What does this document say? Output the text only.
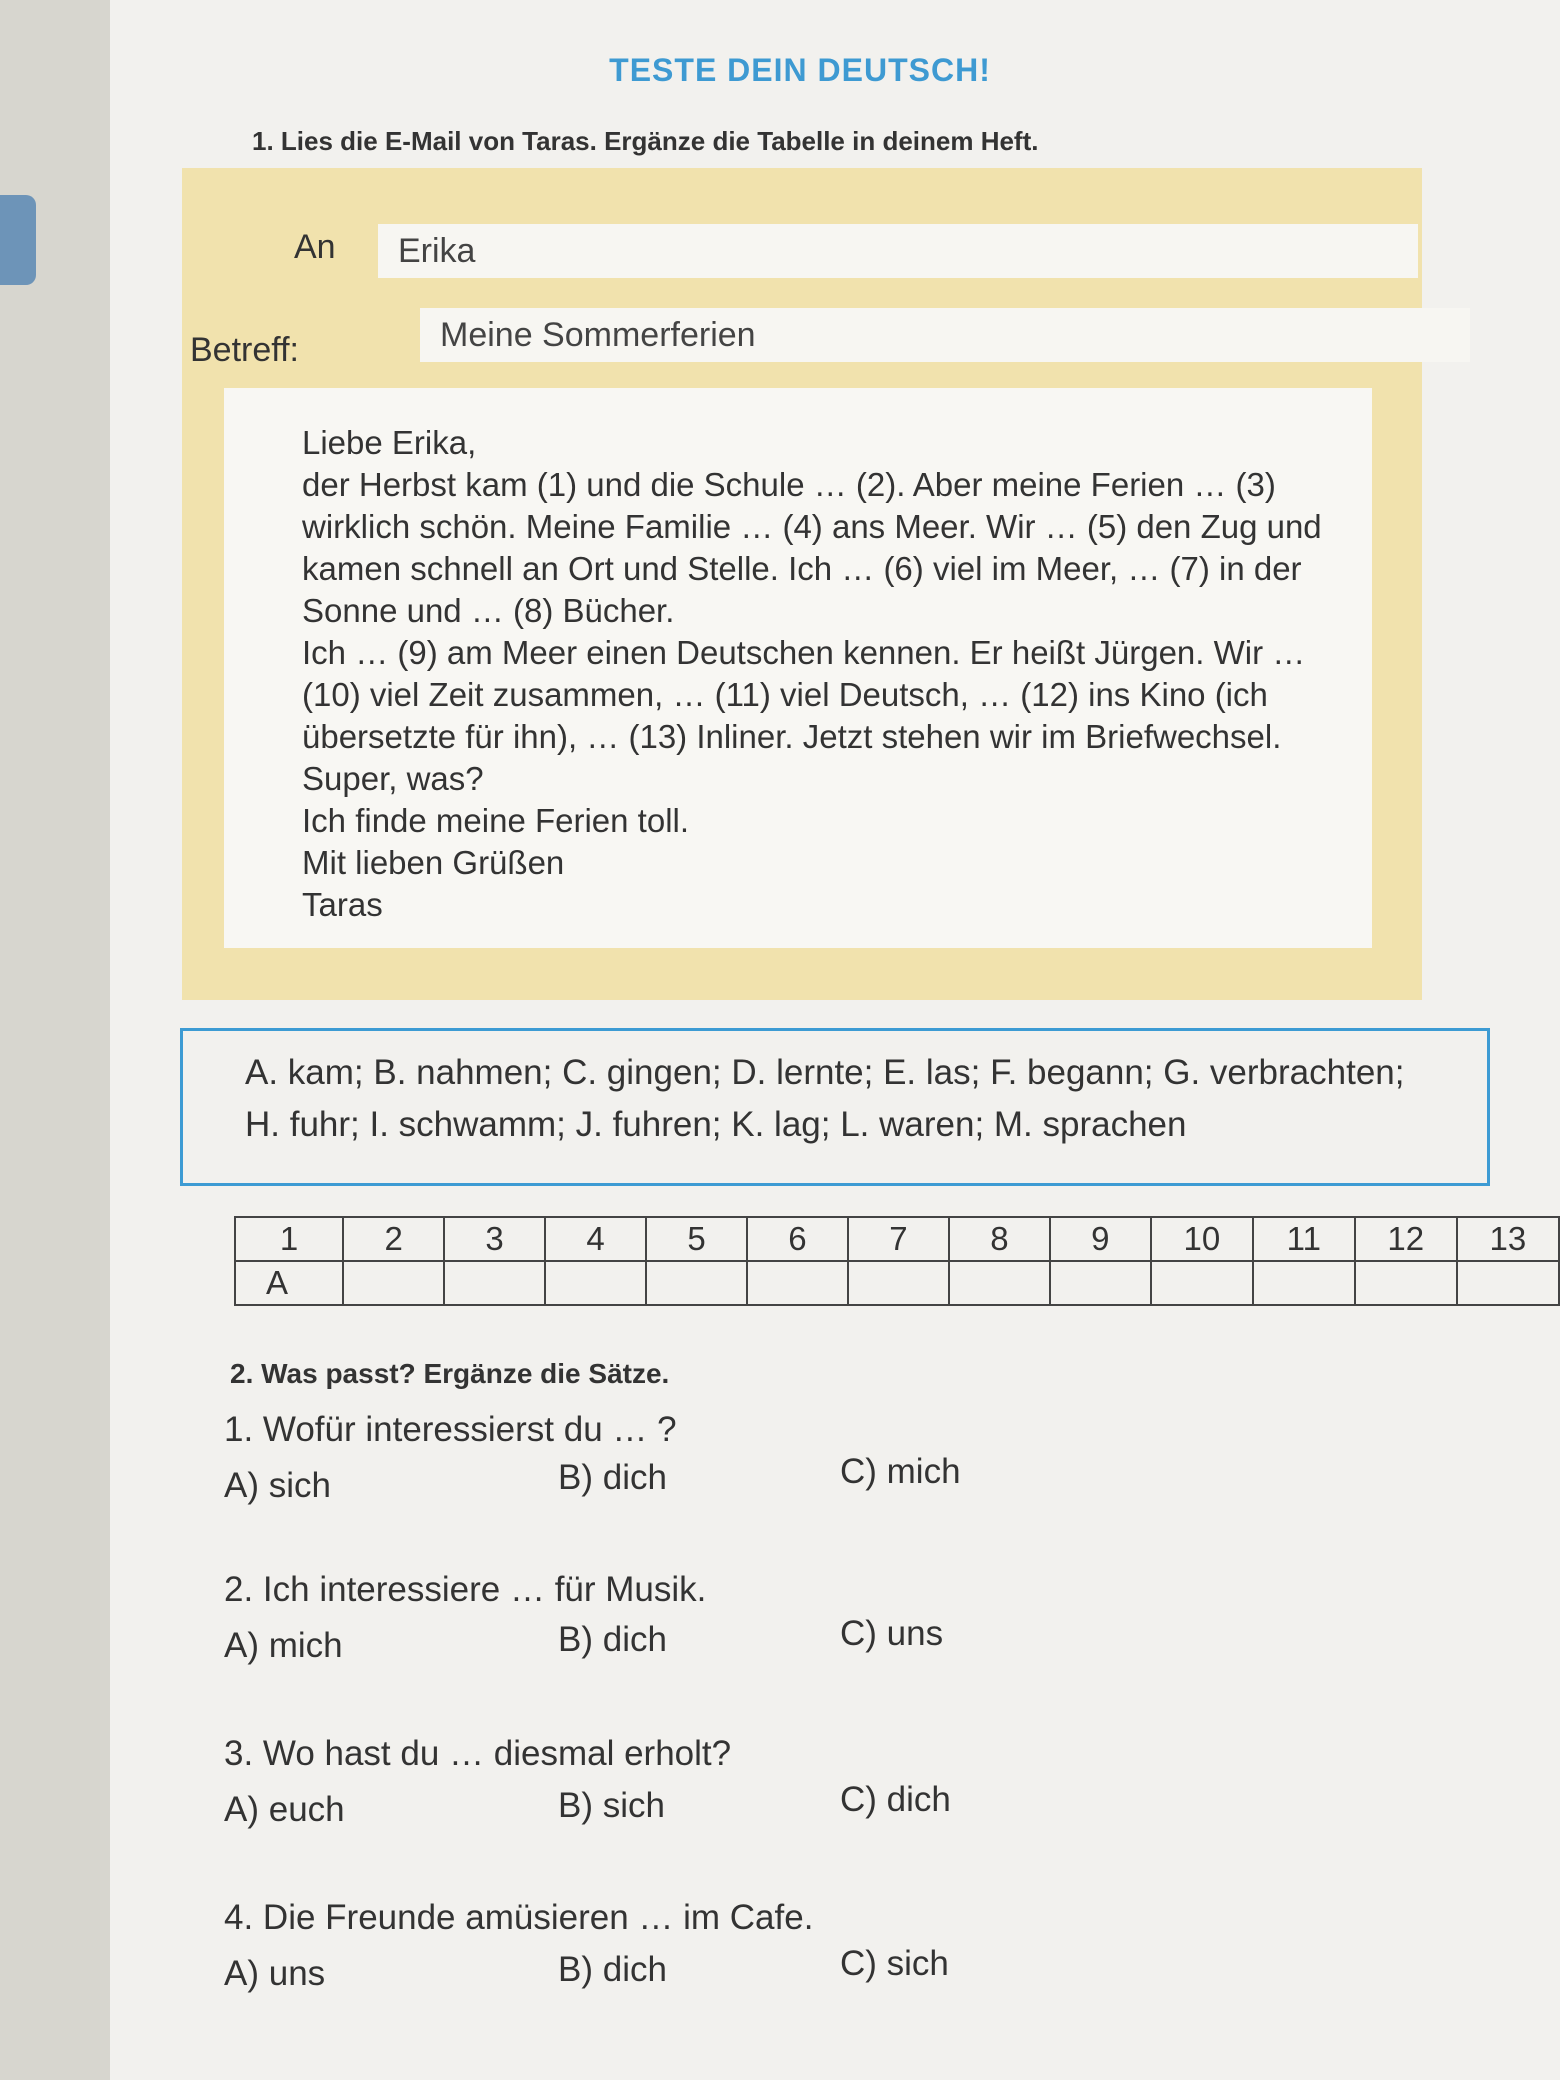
TESTE DEIN DEUTSCH!
1. Lies die E-Mail von Taras. Ergänze die Tabelle in deinem Heft.
An	Erika
Betreff:	Meine Sommerferien

Liebe Erika,

der Herbst kam (1) und die Schule … (2). Aber meine Ferien … (3)

wirklich schön. Meine Familie … (4) ans Meer. Wir … (5) den Zug und

kamen schnell an Ort und Stelle. Ich … (6) viel im Meer, … (7) in der

Sonne und … (8) Bücher.

Ich … (9) am Meer einen Deutschen kennen. Er heißt Jürgen. Wir …

(10) viel Zeit zusammen, … (11) viel Deutsch, … (12) ins Kino (ich

übersetzte für ihn), … (13) Inliner. Jetzt stehen wir im Briefwechsel.

Super, was?

Ich finde meine Ferien toll.

Mit lieben Grüßen

Taras

A. kam; B. nahmen; C. gingen; D. lernte; E. las; F. begann; G. verbrachten;

H. fuhr; I. schwamm; J. fuhren; K. lag; L. waren; M. sprachen

1	2	3	4	5	6	7	8	9	10	11	12	13
A												
2. Was passt? Ergänze die Sätze.
1. Wofür interessierst du … ?
A) sich	B) dich	C) mich
2. Ich interessiere … für Musik.
A) mich	B) dich	C) uns
3. Wo hast du … diesmal erholt?
A) euch	B) sich	C) dich
4. Die Freunde amüsieren … im Cafe.
A) uns	B) dich	C) sich
